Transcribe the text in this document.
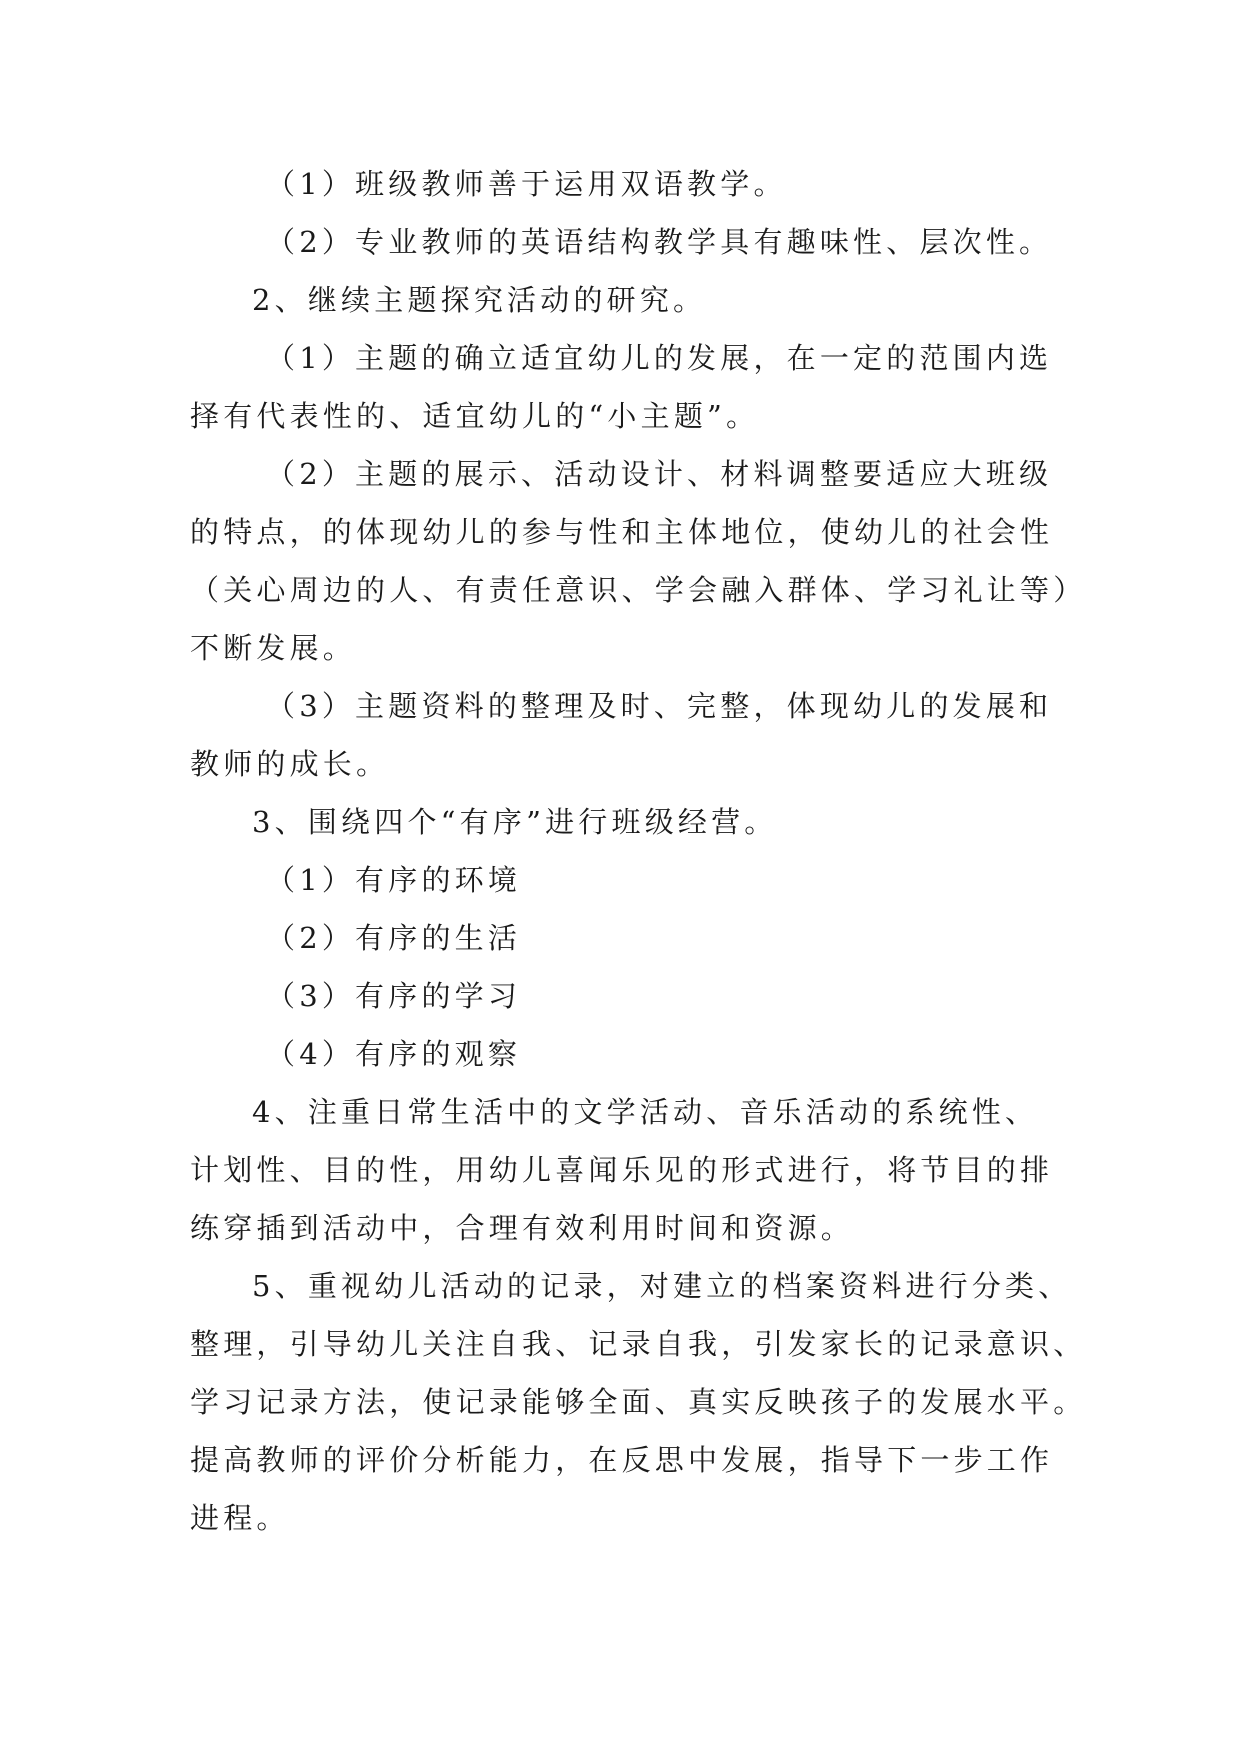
（1）班级教师善于运用双语教学。
（2）专业教师的英语结构教学具有趣味性、层次性。
2、继续主题探究活动的研究。
（1）主题的确立适宜幼儿的发展，在一定的范围内选
择有代表性的、适宜幼儿的“小主题”。
（2）主题的展示、活动设计、材料调整要适应大班级
的特点，的体现幼儿的参与性和主体地位，使幼儿的社会性
（关心周边的人、有责任意识、学会融入群体、学习礼让等）
不断发展。
（3）主题资料的整理及时、完整，体现幼儿的发展和
教师的成长。
3、围绕四个“有序”进行班级经营。
（1）有序的环境
（2）有序的生活
（3）有序的学习
（4）有序的观察
4、注重日常生活中的文学活动、音乐活动的系统性、
计划性、目的性，用幼儿喜闻乐见的形式进行，将节目的排
练穿插到活动中，合理有效利用时间和资源。
5、重视幼儿活动的记录，对建立的档案资料进行分类、
整理，引导幼儿关注自我、记录自我，引发家长的记录意识、
学习记录方法，使记录能够全面、真实反映孩子的发展水平。
提高教师的评价分析能力，在反思中发展，指导下一步工作
进程。
